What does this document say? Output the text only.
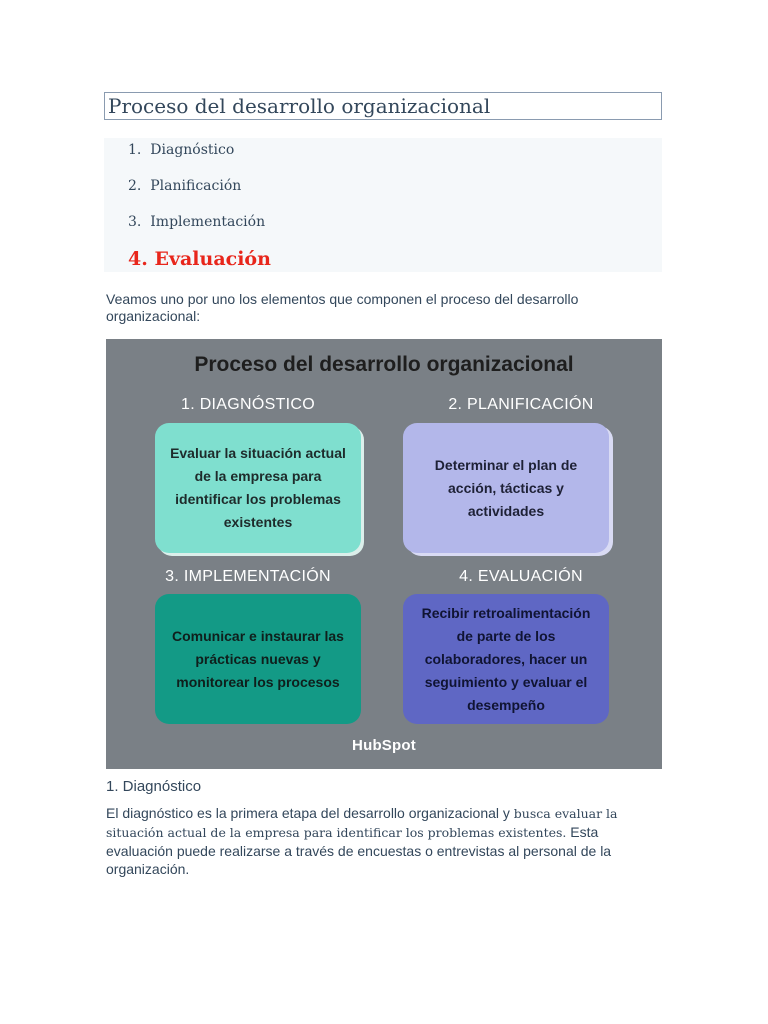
Proceso del desarrollo organizacional
1. Diagnóstico
2. Planificación
3. Implementación
4. Evaluación
Veamos uno por uno los elementos que componen el proceso del desarrollo organizacional:
Proceso del desarrollo organizacional
1. DIAGNÓSTICO	2. PLANIFICACIÓN
Evaluar la situación actual de la empresa para identificar los problemas existentes
Determinar el plan de acción, tácticas y actividades
3. IMPLEMENTACIÓN	4. EVALUACIÓN
Comunicar e instaurar las prácticas nuevas y monitorear los procesos
Recibir retroalimentación de parte de los colaboradores, hacer un seguimiento y evaluar el desempeño
HubSpot
1. Diagnóstico
El diagnóstico es la primera etapa del desarrollo organizacional y busca evaluar la situación actual de la empresa para identificar los problemas existentes. Esta evaluación puede realizarse a través de encuestas o entrevistas al personal de la organización.
